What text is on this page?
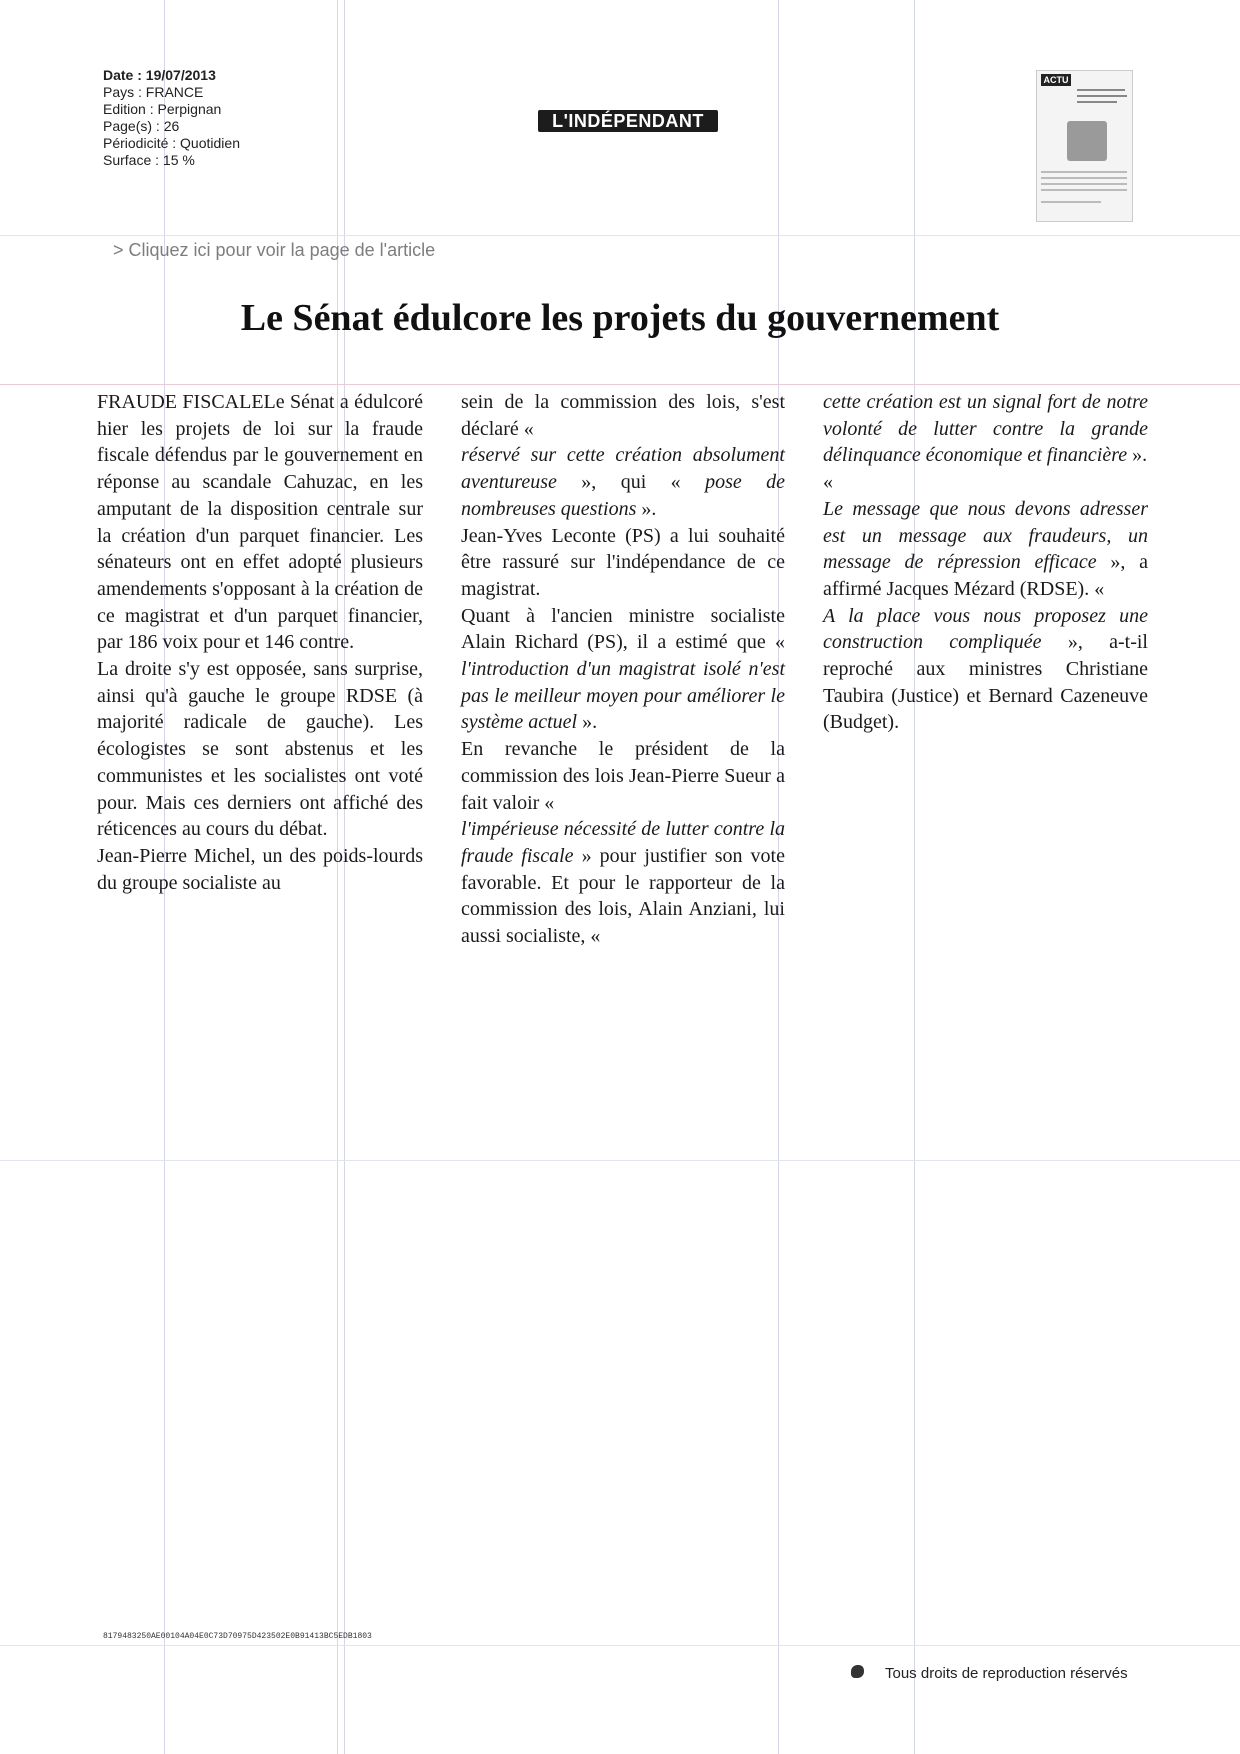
Date : 19/07/2013
Pays : FRANCE
Edition : Perpignan
Page(s) : 26
Périodicité : Quotidien
Surface : 15 %
L'INDÉPENDANT
ACTU
> Cliquez ici pour voir la page de l'article
Le Sénat édulcore les projets du gouvernement

FRAUDE FISCALELe Sénat a édulcoré hier les projets de loi sur la fraude fiscale défendus par le gouvernement en réponse au scandale Cahuzac, en les amputant de la disposition centrale sur la création d'un parquet financier. Les sénateurs ont en effet adopté plusieurs amendements s'opposant à la création de ce magistrat et d'un parquet financier, par 186 voix pour et 146 contre.

La droite s'y est opposée, sans surprise, ainsi qu'à gauche le groupe RDSE (à majorité radicale de gauche). Les écologistes se sont abstenus et les communistes et les socialistes ont voté pour. Mais ces derniers ont affiché des réticences au cours du débat.

Jean-Pierre Michel, un des poids-lourds du groupe socialiste au

sein de la commission des lois, s'est déclaré «
réservé sur cette création absolument aventureuse », qui « pose de nombreuses questions ».

Jean-Yves Leconte (PS) a lui souhaité être rassuré sur l'indépendance de ce magistrat.

Quant à l'ancien ministre socialiste Alain Richard (PS), il a estimé que « l'introduction d'un magistrat isolé n'est pas le meilleur moyen pour améliorer le système actuel ».

En revanche le président de la commission des lois Jean-Pierre Sueur a fait valoir «
l'impérieuse nécessité de lutter contre la fraude fiscale » pour justifier son vote favorable. Et pour le rapporteur de la commission des lois, Alain Anziani, lui aussi socialiste, «

cette création est un signal fort de notre volonté de lutter contre la grande délinquance économique et financière ».

«

Le message que nous devons adresser est un message aux fraudeurs, un message de répression efficace », a affirmé Jacques Mézard (RDSE). «

A la place vous nous proposez une construction compliquée », a-t-il reproché aux ministres Christiane Taubira (Justice) et Bernard Cazeneuve (Budget).

8179483250AE00104A04E0C73D70975D423502E0B91413BC5EDB1803
Tous droits de reproduction réservés
